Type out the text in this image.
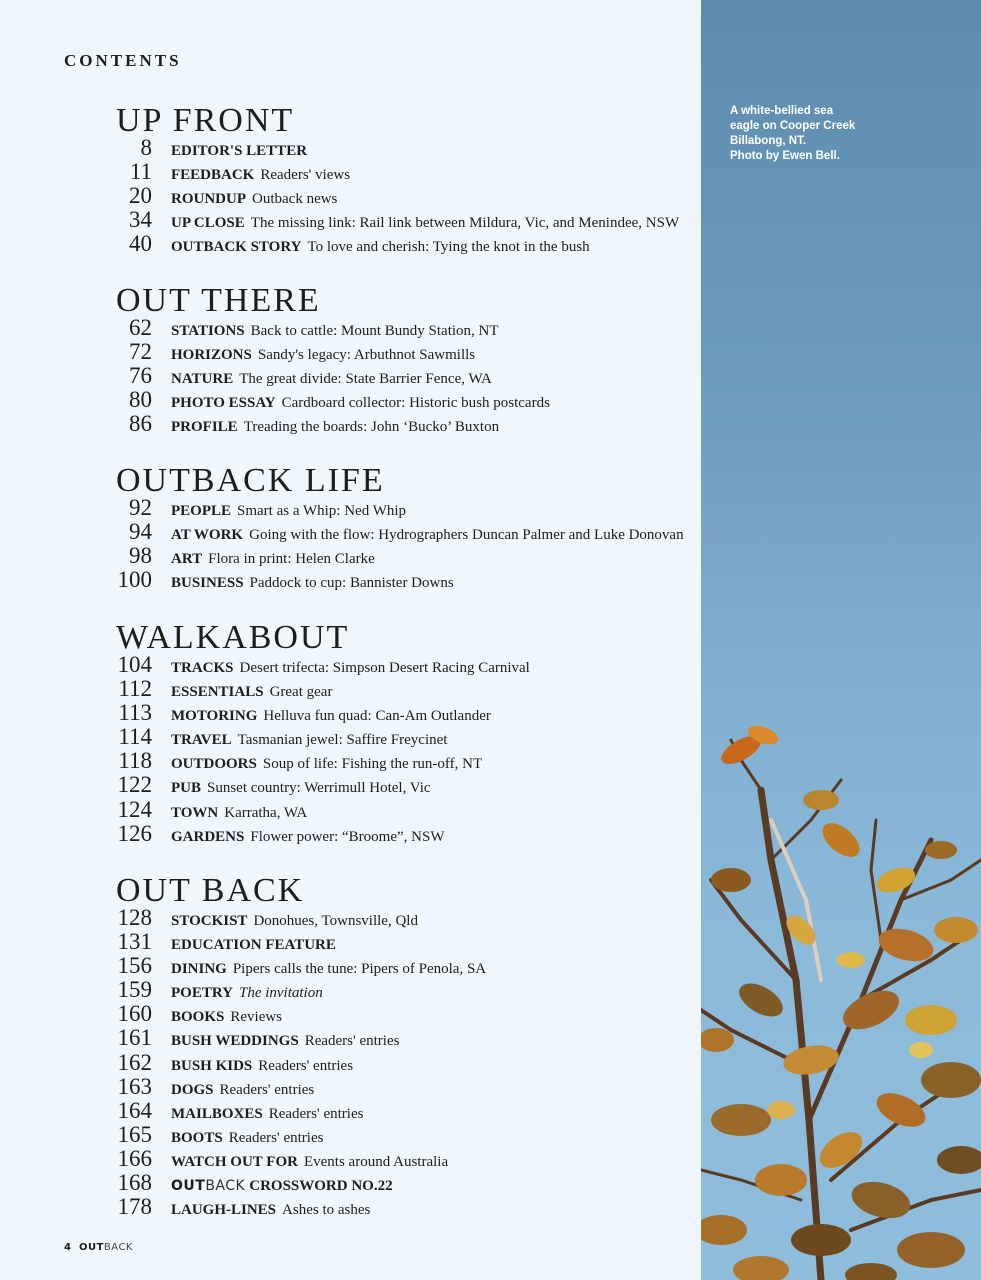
CONTENTS
UP FRONT
8 EDITOR'S LETTER
11 FEEDBACK Readers' views
20 ROUNDUP Outback news
34 UP CLOSE The missing link: Rail link between Mildura, Vic, and Menindee, NSW
40 OUTBACK STORY To love and cherish: Tying the knot in the bush
OUT THERE
62 STATIONS Back to cattle: Mount Bundy Station, NT
72 HORIZONS Sandy's legacy: Arbuthnot Sawmills
76 NATURE The great divide: State Barrier Fence, WA
80 PHOTO ESSAY Cardboard collector: Historic bush postcards
86 PROFILE Treading the boards: John ‘Bucko’ Buxton
OUTBACK LIFE
92 PEOPLE Smart as a Whip: Ned Whip
94 AT WORK Going with the flow: Hydrographers Duncan Palmer and Luke Donovan
98 ART Flora in print: Helen Clarke
100 BUSINESS Paddock to cup: Bannister Downs
WALKABOUT
104 TRACKS Desert trifecta: Simpson Desert Racing Carnival
112 ESSENTIALS Great gear
113 MOTORING Helluva fun quad: Can-Am Outlander
114 TRAVEL Tasmanian jewel: Saffire Freycinet
118 OUTDOORS Soup of life: Fishing the run-off, NT
122 PUB Sunset country: Werrimull Hotel, Vic
124 TOWN Karratha, WA
126 GARDENS Flower power: “Broome”, NSW
OUT BACK
128 STOCKIST Donohues, Townsville, Qld
131 EDUCATION FEATURE
156 DINING Pipers calls the tune: Pipers of Penola, SA
159 POETRY The invitation
160 BOOKS Reviews
161 BUSH WEDDINGS Readers' entries
162 BUSH KIDS Readers' entries
163 DOGS Readers' entries
164 MAILBOXES Readers' entries
165 BOOTS Readers' entries
166 WATCH OUT FOR Events around Australia
168 OUTBACK CROSSWORD NO.22
178 LAUGH-LINES Ashes to ashes
4 OUTBACK
A white-bellied sea
eagle on Cooper Creek
Billabong, NT.
Photo by Ewen Bell.
